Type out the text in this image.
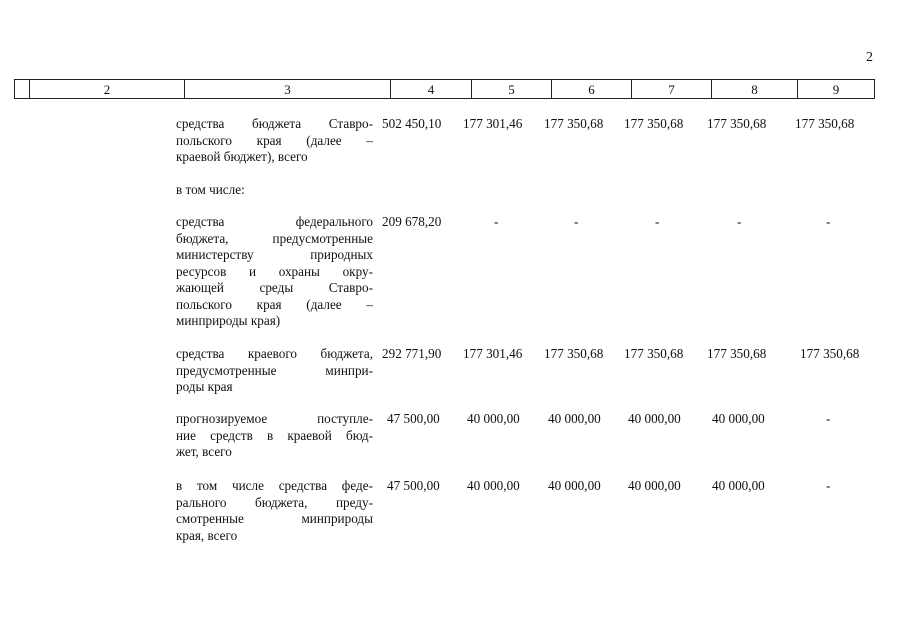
2
2	3	4	5	6	7	8	9
средства бюджета Ставро-
польского края (далее –
краевой бюджет), всего
502 450,10 177 301,46 177 350,68 177 350,68 177 350,68 177 350,68
в том числе:
средства федерального
бюджета, предусмотренные
министерству природных
ресурсов и охраны окру-
жающей среды Ставро-
польского края (далее –
минприроды края)
209 678,20	-	-	-	-	-
средства краевого бюджета,
предусмотренные минпри-
роды края
292 771,90 177 301,46 177 350,68 177 350,68 177 350,68	177 350,68
прогнозируемое поступле-
ние средств в краевой бюд-
жет, всего
47 500,00 40 000,00 40 000,00 40 000,00 40 000,00	-
в том числе средства феде-
рального бюджета, преду-
смотренные минприроды
края, всего
47 500,00 40 000,00 40 000,00 40 000,00 40 000,00	-
